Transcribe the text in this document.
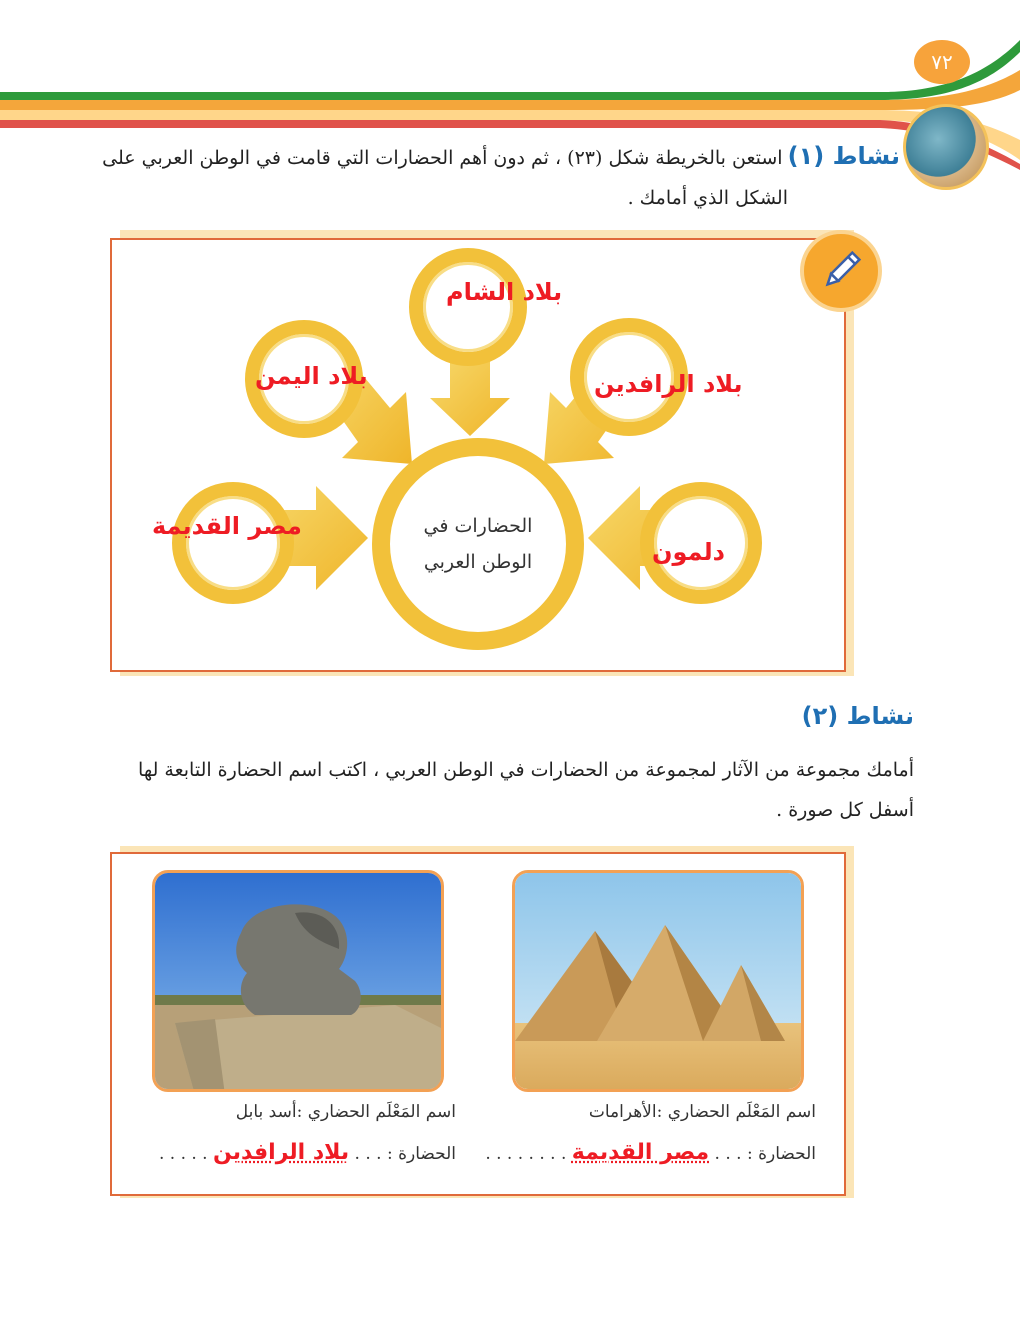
٧٢
نشاط (١) استعن بالخريطة شكل (٢٣) ، ثم دون أهم الحضارات التي قامت في الوطن العربي على
الشكل الذي أمامك .
الحضارات في
الوطن العربي
بلاد الشام
بلاد اليمن	بلاد الرافدين
مصر القديمة
دلمون
نشاط (٢)
أمامك مجموعة من الآثار لمجموعة من الحضارات في الوطن العربي ، اكتب اسم الحضارة التابعة لها
أسفل كل صورة .
اسم المَعْلَم الحضاري :الأهرامات
الحضارة : . . . مصر القديمة . . . . . . . .
اسم المَعْلَم الحضاري :أسد بابل
الحضارة : . . . بلاد الرافدين . . . . .
